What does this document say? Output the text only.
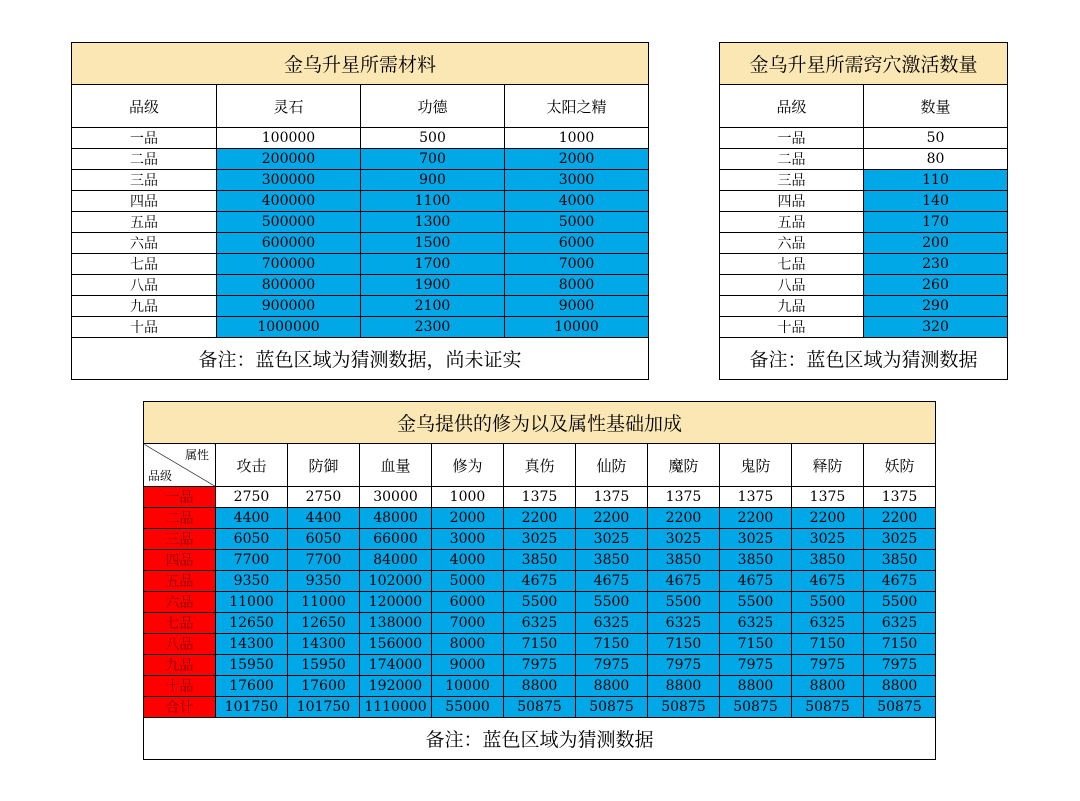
金乌升星所需材料			
品级	灵石	功德	太阳之精
一品	100000	500	1000
二品	200000	700	2000
三品	300000	900	3000
四品	400000	1100	4000
五品	500000	1300	5000
六品	600000	1500	6000
七品	700000	1700	7000
八品	800000	1900	8000
九品	900000	2100	9000
十品	1000000	2300	10000
备注：蓝色区域为猜测数据，尚未证实			
金乌升星所需窍穴激活数量	
品级	数量
一品	50
二品	80
三品	110
四品	140
五品	170
六品	200
七品	230
八品	260
九品	290
十品	320
备注：蓝色区域为猜测数据	
金乌提供的修为以及属性基础加成										

属性
品级	攻击	防御	血量	修为	真伤	仙防	魔防	鬼防	释防	妖防
一品	2750	2750	30000	1000	1375	1375	1375	1375	1375	1375
二品	4400	4400	48000	2000	2200	2200	2200	2200	2200	2200
三品	6050	6050	66000	3000	3025	3025	3025	3025	3025	3025
四品	7700	7700	84000	4000	3850	3850	3850	3850	3850	3850
五品	9350	9350	102000	5000	4675	4675	4675	4675	4675	4675
六品	11000	11000	120000	6000	5500	5500	5500	5500	5500	5500
七品	12650	12650	138000	7000	6325	6325	6325	6325	6325	6325
八品	14300	14300	156000	8000	7150	7150	7150	7150	7150	7150
九品	15950	15950	174000	9000	7975	7975	7975	7975	7975	7975
十品	17600	17600	192000	10000	8800	8800	8800	8800	8800	8800
合计	101750	101750	1110000	55000	50875	50875	50875	50875	50875	50875
备注：蓝色区域为猜测数据										
